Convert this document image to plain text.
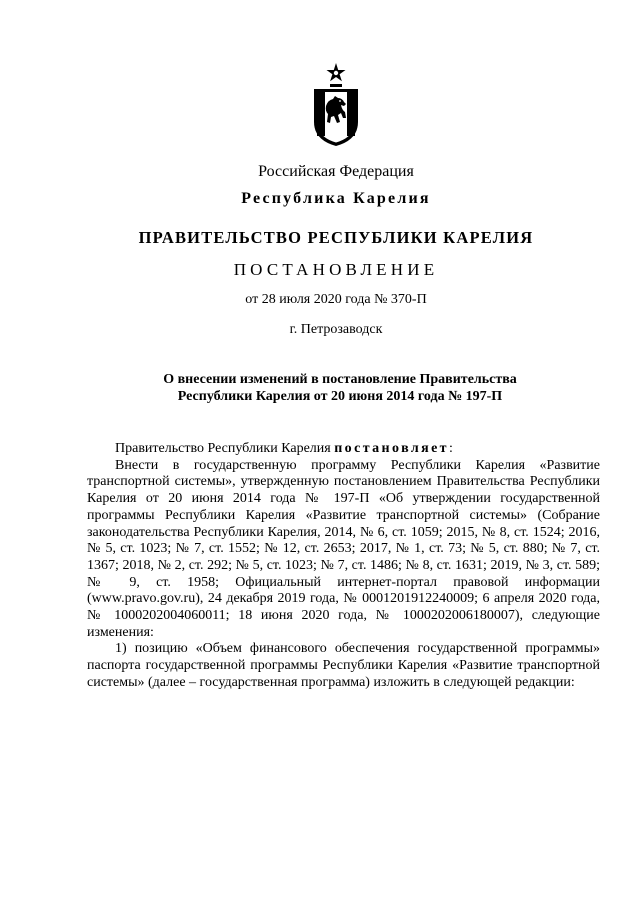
Российская Федерация
Республика Карелия
ПРАВИТЕЛЬСТВО РЕСПУБЛИКИ КАРЕЛИЯ
ПОСТАНОВЛЕНИЕ
от 28 июля 2020 года № 370-П
г. Петрозаводск
О внесении изменений в постановление Правительства
Республики Карелия от 20 июня 2014 года № 197-П

Правительство Республики Карелия постановляет:

Внести в государственную программу Республики Карелия «Развитие транспортной системы», утвержденную постановлением Правительства Республики Карелия от 20 июня 2014 года № 197-П «Об утверждении государственной программы Республики Карелия «Развитие транспортной системы» (Собрание законодательства Республики Карелия, 2014, № 6, ст. 1059; 2015, № 8, ст. 1524; 2016, № 5, ст. 1023; № 7, ст. 1552; № 12, ст. 2653; 2017, № 1, ст. 73; № 5, ст. 880; № 7, ст. 1367; 2018, № 2, ст. 292; № 5, ст. 1023; № 7, ст. 1486; № 8, ст. 1631; 2019, № 3, ст. 589; № 9, ст. 1958; Официальный интернет-портал правовой информации (www.pravo.gov.ru), 24 декабря 2019 года, № 0001201912240009; 6 апреля 2020 года, № 1000202004060011; 18 июня 2020 года, № 1000202006180007), следующие изменения:

1) позицию «Объем финансового обеспечения государственной программы» паспорта государственной программы Республики Карелия «Развитие транспортной системы» (далее – государственная программа) изложить в следующей редакции:
